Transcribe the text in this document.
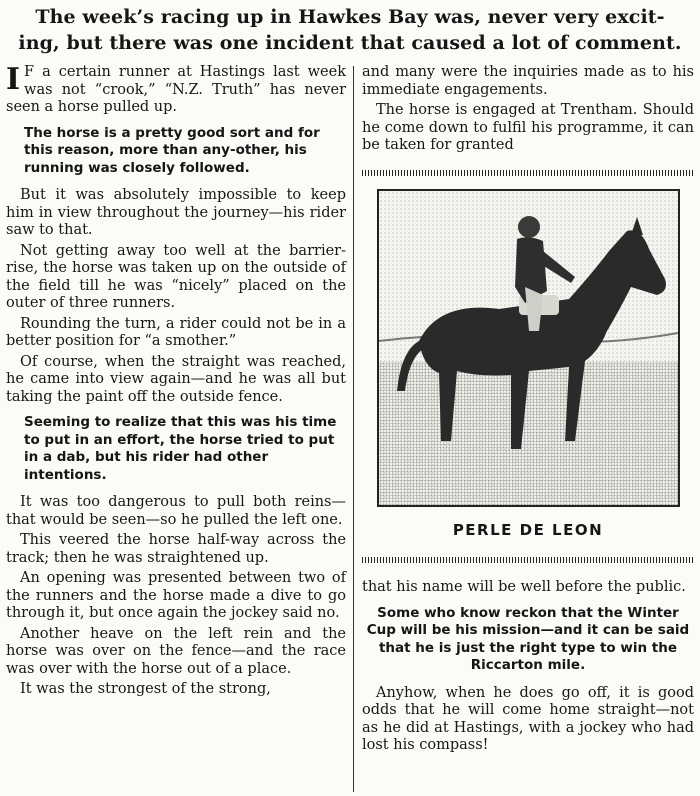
The week’s racing up in Hawkes Bay was, never very excit-
ing, but there was one incident that caused a lot of comment.

IF a certain runner at Hastings last week was not “crook,” “N.Z. Truth” has never seen a horse pulled up.

The horse is a pretty good sort and for this reason, more than any-other, his running was closely followed.

But it was absolutely impossible to keep him in view throughout the journey—his rider saw to that.

Not getting away too well at the barrier-rise, the horse was taken up on the outside of the field till he was “nicely” placed on the outer of three runners.

Rounding the turn, a rider could not be in a better position for “a smother.”

Of course, when the straight was reached, he came into view again—and he was all but taking the paint off the outside fence.

Seeming to realize that this was his time to put in an effort, the horse tried to put in a dab, but his rider had other intentions.

It was too dangerous to pull both reins—that would be seen—so he pulled the left one.

This veered the horse half-way across the track; then he was straightened up.

An opening was presented between two of the runners and the horse made a dive to go through it, but once again the jockey said no.

Another heave on the left rein and the horse was over on the fence—and the race was over with the horse out of a place.

It was the strongest of the strong,

and many were the inquiries made as to his immediate engagements.

The horse is engaged at Trentham. Should he come down to fulfil his programme, it can be taken for granted

PERLE DE LEON

that his name will be well before the public.

Some who know reckon that the Winter Cup will be his mission—and it can be said that he is just the right type to win the Riccarton mile.

Anyhow, when he does go off, it is good odds that he will come home straight—not as he did at Hastings, with a jockey who had lost his compass!
